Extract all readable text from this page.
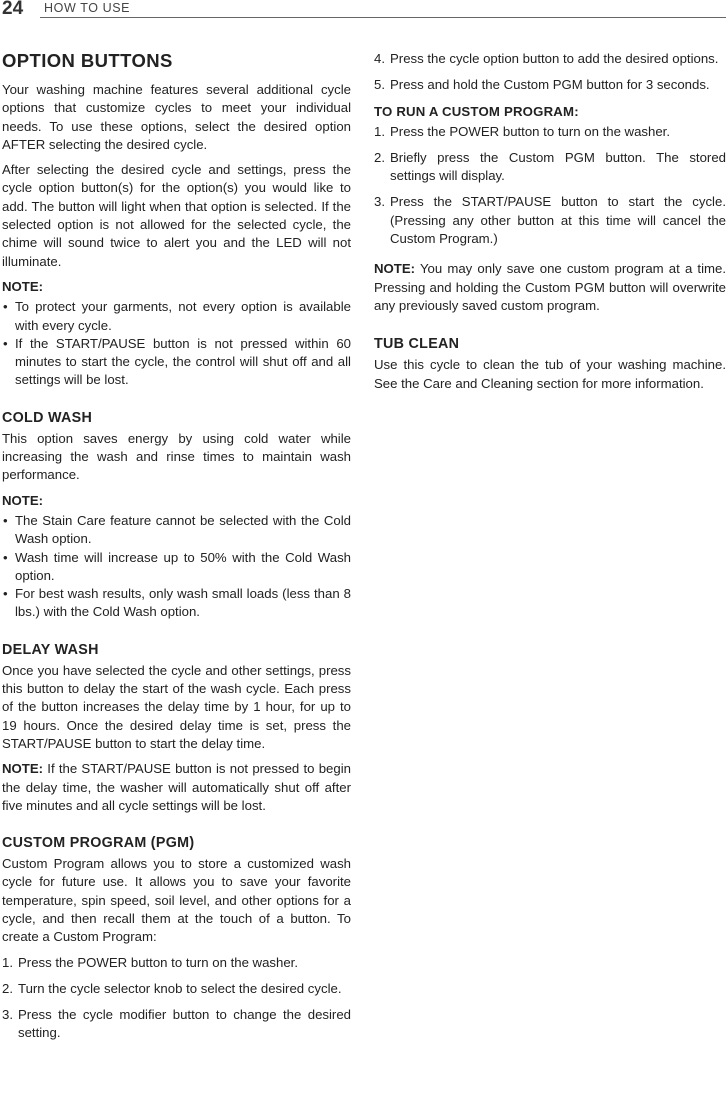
24 HOW TO USE
OPTION BUTTONS

Your washing machine features several additional cycle options that customize cycles to meet your individual needs. To use these options, select the desired option AFTER selecting the desired cycle.

After selecting the desired cycle and settings, press the cycle option button(s) for the option(s) you would like to add. The button will light when that option is selected. If the selected option is not allowed for the selected cycle, the chime will sound twice to alert you and the LED will not illuminate.

NOTE:
• To protect your garments, not every option is available with every cycle.
• If the START/PAUSE button is not pressed within 60 minutes to start the cycle, the control will shut off and all settings will be lost.
COLD WASH

This option saves energy by using cold water while increasing the wash and rinse times to maintain wash performance.

NOTE:
• The Stain Care feature cannot be selected with the Cold Wash option.
• Wash time will increase up to 50% with the Cold Wash option.
• For best wash results, only wash small loads (less than 8 lbs.) with the Cold Wash option.
DELAY WASH

Once you have selected the cycle and other settings, press this button to delay the start of the wash cycle. Each press of the button increases the delay time by 1 hour, for up to 19 hours. Once the desired delay time is set, press the START/PAUSE button to start the delay time.

NOTE: If the START/PAUSE button is not pressed to begin the delay time, the washer will automatically shut off after five minutes and all cycle settings will be lost.

CUSTOM PROGRAM (PGM)

Custom Program allows you to store a customized wash cycle for future use. It allows you to save your favorite temperature, spin speed, soil level, and other options for a cycle, and then recall them at the touch of a button. To create a Custom Program:

1. Press the POWER button to turn on the washer.
2. Turn the cycle selector knob to select the desired cycle.
3. Press the cycle modifier button to change the desired setting.
4. Press the cycle option button to add the desired options.
5. Press and hold the Custom PGM button for 3 seconds.
TO RUN A CUSTOM PROGRAM:
1. Press the POWER button to turn on the washer.
2. Briefly press the Custom PGM button. The stored settings will display.
3. Press the START/PAUSE button to start the cycle. (Pressing any other button at this time will cancel the Custom Program.)

NOTE: You may only save one custom program at a time. Pressing and holding the Custom PGM button will overwrite any previously saved custom program.

TUB CLEAN

Use this cycle to clean the tub of your washing machine. See the Care and Cleaning section for more information.
